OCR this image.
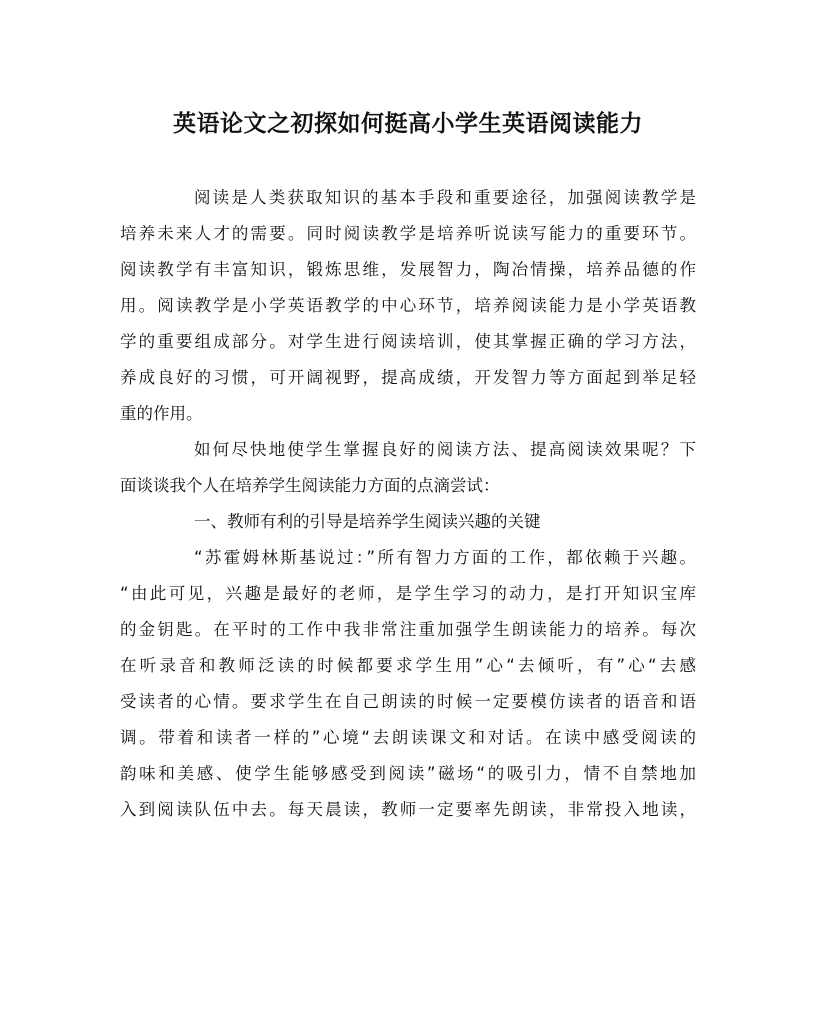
英语论文之初探如何挺高小学生英语阅读能力

阅读是人类获取知识的基本手段和重要途径，加强阅读教学是
培养未来人才的需要。同时阅读教学是培养听说读写能力的重要环节。
阅读教学有丰富知识，锻炼思维，发展智力，陶冶情操，培养品德的作
用。阅读教学是小学英语教学的中心环节，培养阅读能力是小学英语教
学的重要组成部分。对学生进行阅读培训，使其掌握正确的学习方法，
养成良好的习惯，可开阔视野，提高成绩，开发智力等方面起到举足轻
重的作用。

如何尽快地使学生掌握良好的阅读方法、提高阅读效果呢？下
面谈谈我个人在培养学生阅读能力方面的点滴尝试：

一、教师有利的引导是培养学生阅读兴趣的关键

“苏霍姆林斯基说过：”所有智力方面的工作，都依赖于兴趣。
“由此可见，兴趣是最好的老师，是学生学习的动力，是打开知识宝库
的金钥匙。在平时的工作中我非常注重加强学生朗读能力的培养。每次
在听录音和教师泛读的时候都要求学生用”心“去倾听，有”心“去感
受读者的心情。要求学生在自己朗读的时候一定要模仿读者的语音和语
调。带着和读者一样的”心境“去朗读课文和对话。在读中感受阅读的
韵味和美感、使学生能够感受到阅读”磁场“的吸引力，情不自禁地加
入到阅读队伍中去。每天晨读，教师一定要率先朗读，非常投入地读，
